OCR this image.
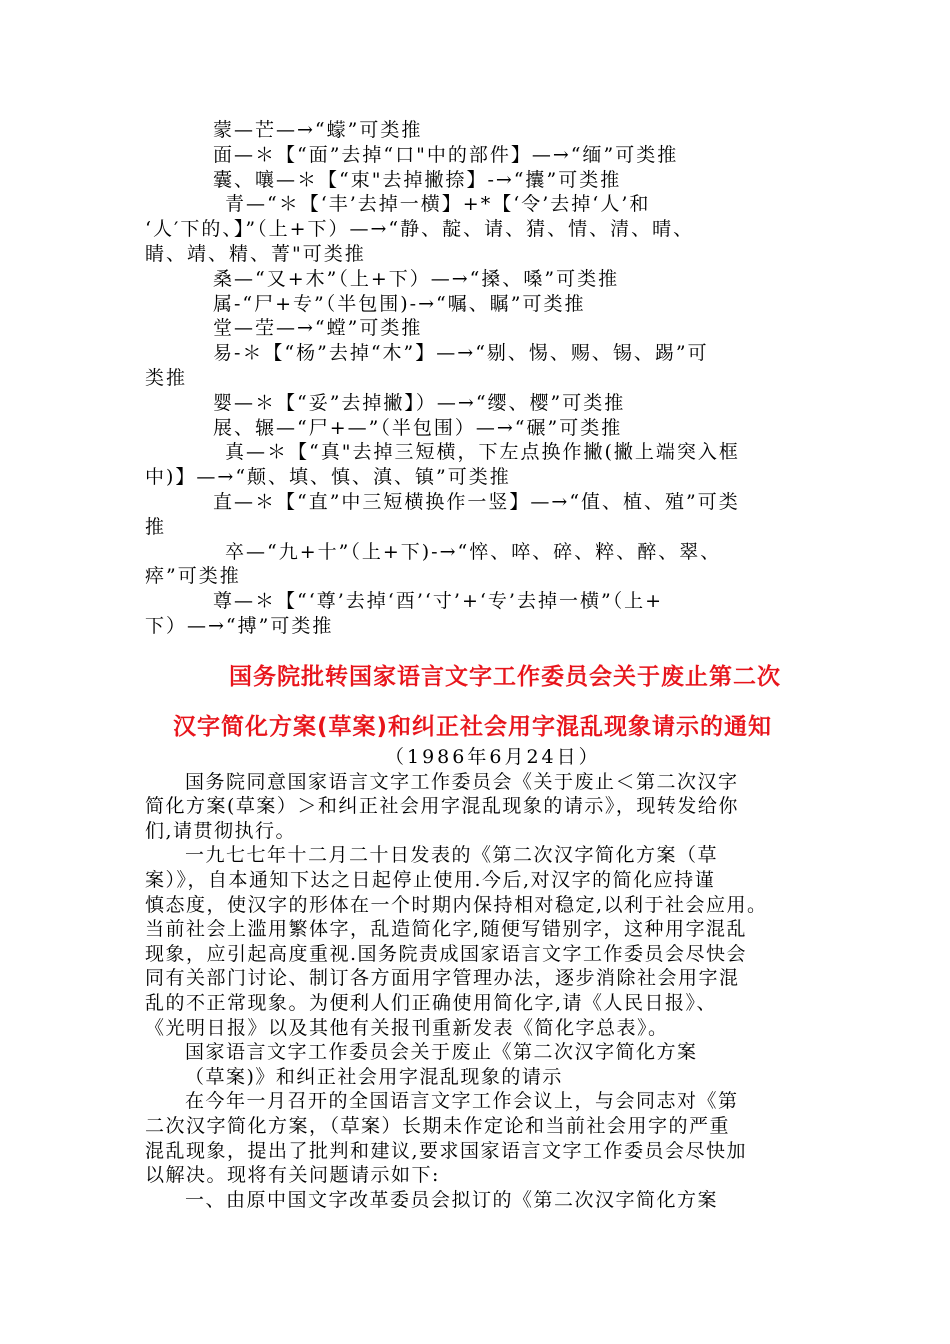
蒙—芒—→“蠓”可类推
面—＊【“面”去掉“口"中的部件】—→“缅”可类推
囊、嚷—＊【“束"去掉撇捺】-→“攮”可类推
青—“＊【‘丰’去掉一横】+*【‘令’去掉‘人’和
‘人′下的、】”（上+下）—→“静、靛、请、猜、情、清、晴、
睛、靖、精、菁"可类推
桑—“又+木”（上+下）—→“搡、嗓”可类推
属-“尸+专”（半包围)-→“嘱、瞩”可类推
堂—茔—→“螳”可类推
易-＊【“杨”去掉“木”】—→“剔、惕、赐、锡、踢”可
类推
婴—＊【“妥”去掉撇】）—→“缨、樱”可类推
展、辗—“尸+—”（半包围）—→“碾”可类推
真—＊【“真"去掉三短横，下左点换作撇(撇上端突入框
中)】—→“颠、填、慎、滇、镇”可类推
直—＊【“直”中三短横换作一竖】—→“值、植、殖”可类
推
卒—“九+十”（上+下)-→“悴、啐、碎、粹、醉、翠、
瘁”可类推
尊—＊【“‘尊’去掉‘酉’‘寸’+‘专’去掉一横”（上+
下）—→“搏”可类推
国务院批转国家语言文字工作委员会关于废止第二次
汉字简化方案(草案)和纠正社会用字混乱现象请示的通知
（1986年6月24日）
国务院同意国家语言文字工作委员会《关于废止＜第二次汉字
简化方案(草案）＞和纠正社会用字混乱现象的请示》，现转发给你
们,请贯彻执行。
一九七七年十二月二十日发表的《第二次汉字简化方案（草
案）》，自本通知下达之日起停止使用.今后,对汉字的简化应持谨
慎态度，使汉字的形体在一个时期内保持相对稳定,以利于社会应用。
当前社会上滥用繁体字，乱造简化字,随便写错别字，这种用字混乱
现象，应引起高度重视.国务院责成国家语言文字工作委员会尽快会
同有关部门讨论、制订各方面用字管理办法，逐步消除社会用字混
乱的不正常现象。为便利人们正确使用简化字,请《人民日报》、
《光明日报》以及其他有关报刊重新发表《简化字总表》。
国家语言文字工作委员会关于废止《第二次汉字简化方案
（草案)》和纠正社会用字混乱现象的请示
在今年一月召开的全国语言文字工作会议上，与会同志对《第
二次汉字简化方案，（草案）长期未作定论和当前社会用字的严重
混乱现象，提出了批判和建议,要求国家语言文字工作委员会尽快加
以解决。现将有关问题请示如下:
一、由原中国文字改革委员会拟订的《第二次汉字简化方案
